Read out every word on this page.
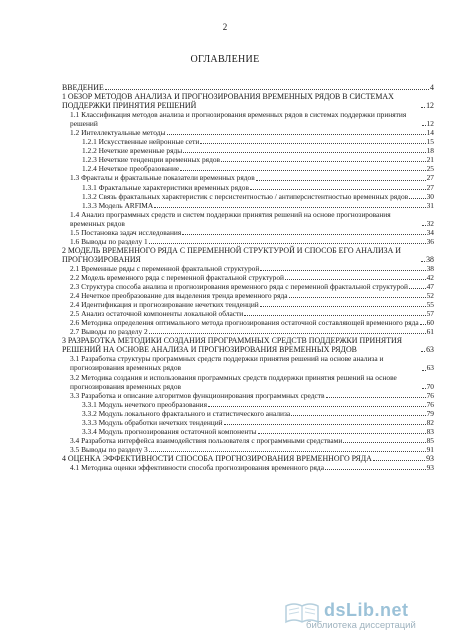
2
ОГЛАВЛЕНИЕ
ВВЕДЕНИЕ	4
1 ОБЗОР МЕТОДОВ АНАЛИЗА И ПРОГНОЗИРОВАНИЯ ВРЕМЕННЫХ РЯДОВ В СИСТЕМАХ ПОДДЕРЖКИ ПРИНЯТИЯ РЕШЕНИЙ	12
1.1 Классификация методов анализа и прогнозирования временных рядов в системах поддержки принятия решений	12
1.2 Интеллектуальные методы	14
1.2.1 Искусственные нейронные сети	15
1.2.2 Нечеткие временные ряды	18
1.2.3 Нечеткие тенденции временных рядов	21
1.2.4 Нечеткое преобразование	25
1.3 Фракталы и фрактальные показатели временных рядов	27
1.3.1 Фрактальные характеристики временных рядов	27
1.3.2 Связь фрактальных характеристик с персистентностью / антиперсистентностью временных рядов 30
1.3.3 Модель ARFIMA	31
1.4 Анализ программных средств и систем поддержки принятия решений на основе прогнозирования временных рядов	32
1.5 Постановка задач исследования	34
1.6 Выводы по разделу 1	36
2 МОДЕЛЬ ВРЕМЕННОГО РЯДА С ПЕРЕМЕННОЙ СТРУКТУРОЙ И СПОСОБ ЕГО АНАЛИЗА И ПРОГНОЗИРОВАНИЯ	38
2.1 Временные ряды с переменной фрактальной структурой	38
2.2 Модель временного ряда с переменной фрактальной структурой	42
2.3 Структура способа анализа и прогнозирования временного ряда с переменной фрактальной структурой	47
2.4 Нечеткое преобразование для выделения тренда временного ряда	52
2.4 Идентификация и прогнозирование нечетких тенденций	55
2.5 Анализ остаточной компоненты локальной области	57
2.6 Методика определения оптимального метода прогнозирования остаточной составляющей временного ряда 60
2.7 Выводы по разделу 2	61
3 РАЗРАБОТКА МЕТОДИКИ СОЗДАНИЯ ПРОГРАММНЫХ СРЕДСТВ ПОДДЕРЖКИ ПРИНЯТИЯ РЕШЕНИЙ НА ОСНОВЕ АНАЛИЗА И ПРОГНОЗИРОВАНИЯ ВРЕМЕННЫХ РЯДОВ	63
3.1 Разработка структуры программных средств поддержки принятия решений на основе анализа и прогнозирования временных рядов	63
3.2 Методика создания и использования программных средств поддержки принятия решений на основе прогнозирования временных рядов	70
3.3 Разработка и описание алгоритмов функционирования программных средств	76
3.3.1 Модуль нечеткого преобразования	76
3.3.2 Модуль локального фрактального и статистического анализа	79
3.3.3 Модуль обработки нечетких тенденций	82
3.3.4 Модуль прогнозирования остаточной компоненты	83
3.4 Разработка интерфейса взаимодействия пользователя с программными средствами	85
3.5 Выводы по разделу 3	91
4 ОЦЕНКА ЭФФЕКТИВНОСТИ СПОСОБА ПРОГНОЗИРОВАНИЯ ВРЕМЕННОГО РЯДА	93
4.1 Методика оценки эффективности способа прогнозирования временного ряда	93
dsLib.net
библиотека диссертаций
